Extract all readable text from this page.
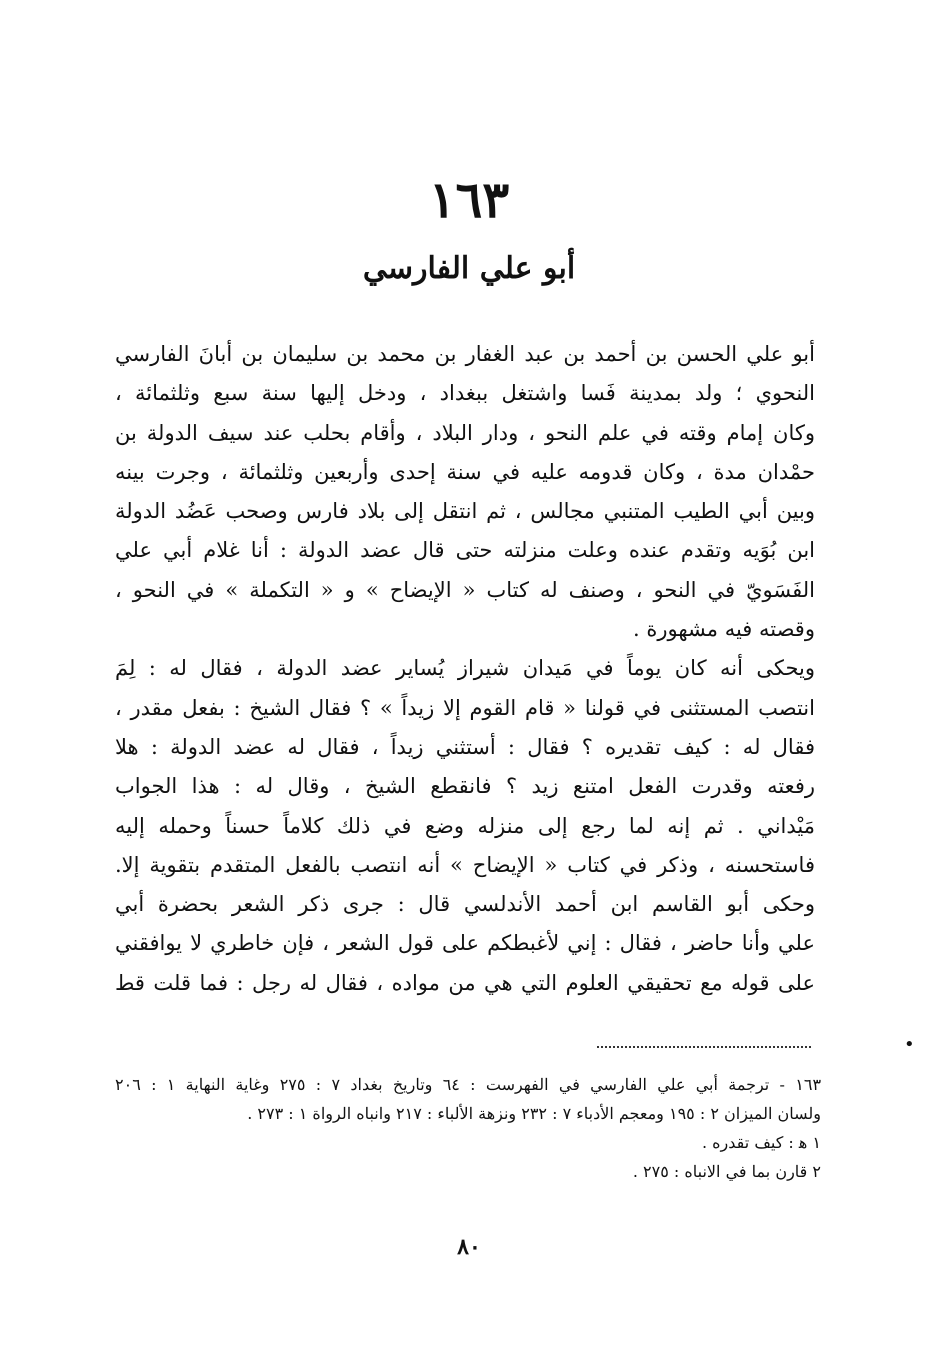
١٦٣
أبو علي الفارسي
أبو علي الحسن بن أحمد بن عبد الغفار بن محمد بن سليمان بن أبانَ الفارسي
النحوي ؛ ولد بمدينة فَسا واشتغل ببغداد ، ودخل إليها سنة سبع وثلثمائة ،
وكان إمام وقته في علم النحو ، ودار البلاد ، وأقام بحلب عند سيف الدولة بن
حمْدان مدة ، وكان قدومه عليه في سنة إحدى وأربعين وثلثمائة ، وجرت بينه
وبين أبي الطيب المتنبي مجالس ، ثم انتقل إلى بلاد فارس وصحب عَضُد الدولة
ابن بُوَيه وتقدم عنده وعلت منزلته حتى قال عضد الدولة : أنا غلام أبي علي
الفَسَويّ في النحو ، وصنف له كتاب « الإيضاح » و « التكملة » في النحو ،
وقصته فيه مشهورة .
ويحكى أنه كان يوماً في مَيدان شيراز يُساير عضد الدولة ، فقال له : لِمَ
انتصب المستثنى في قولنا « قام القوم إلا زيداً » ؟ فقال الشيخ : بفعل مقدر ،
فقال له : كيف تقديره ؟ فقال : أستثني زيداً ، فقال له عضد الدولة : هلا
رفعته وقدرت الفعل امتنع زيد ؟ فانقطع الشيخ ، وقال له : هذا الجواب
مَيْداني . ثم إنه لما رجع إلى منزله وضع في ذلك كلاماً حسناً وحمله إليه
فاستحسنه ، وذكر في كتاب « الإيضاح » أنه انتصب بالفعل المتقدم بتقوية إلا.
وحكى أبو القاسم ابن أحمد الأندلسي قال : جرى ذكر الشعر بحضرة أبي
علي وأنا حاضر ، فقال : إني لأغبطكم على قول الشعر ، فإن خاطري لا يوافقني
على قوله مع تحقيقي العلوم التي هي من مواده ، فقال له رجل : فما قلت قط
•
١٦٣ - ترجمة أبي علي الفارسي في الفهرست : ٦٤ وتاريخ بغداد ٧ : ٢٧٥ وغاية النهاية ١ : ٢٠٦
ولسان الميزان ٢ : ١٩٥ ومعجم الأدباء ٧ : ٢٣٢ ونزهة الألباء : ٢١٧ وانباه الرواة ١ : ٢٧٣ .
١ ﻫ : كيف تقدره .
٢ قارن بما في الانباه : ٢٧٥ .
٨٠
